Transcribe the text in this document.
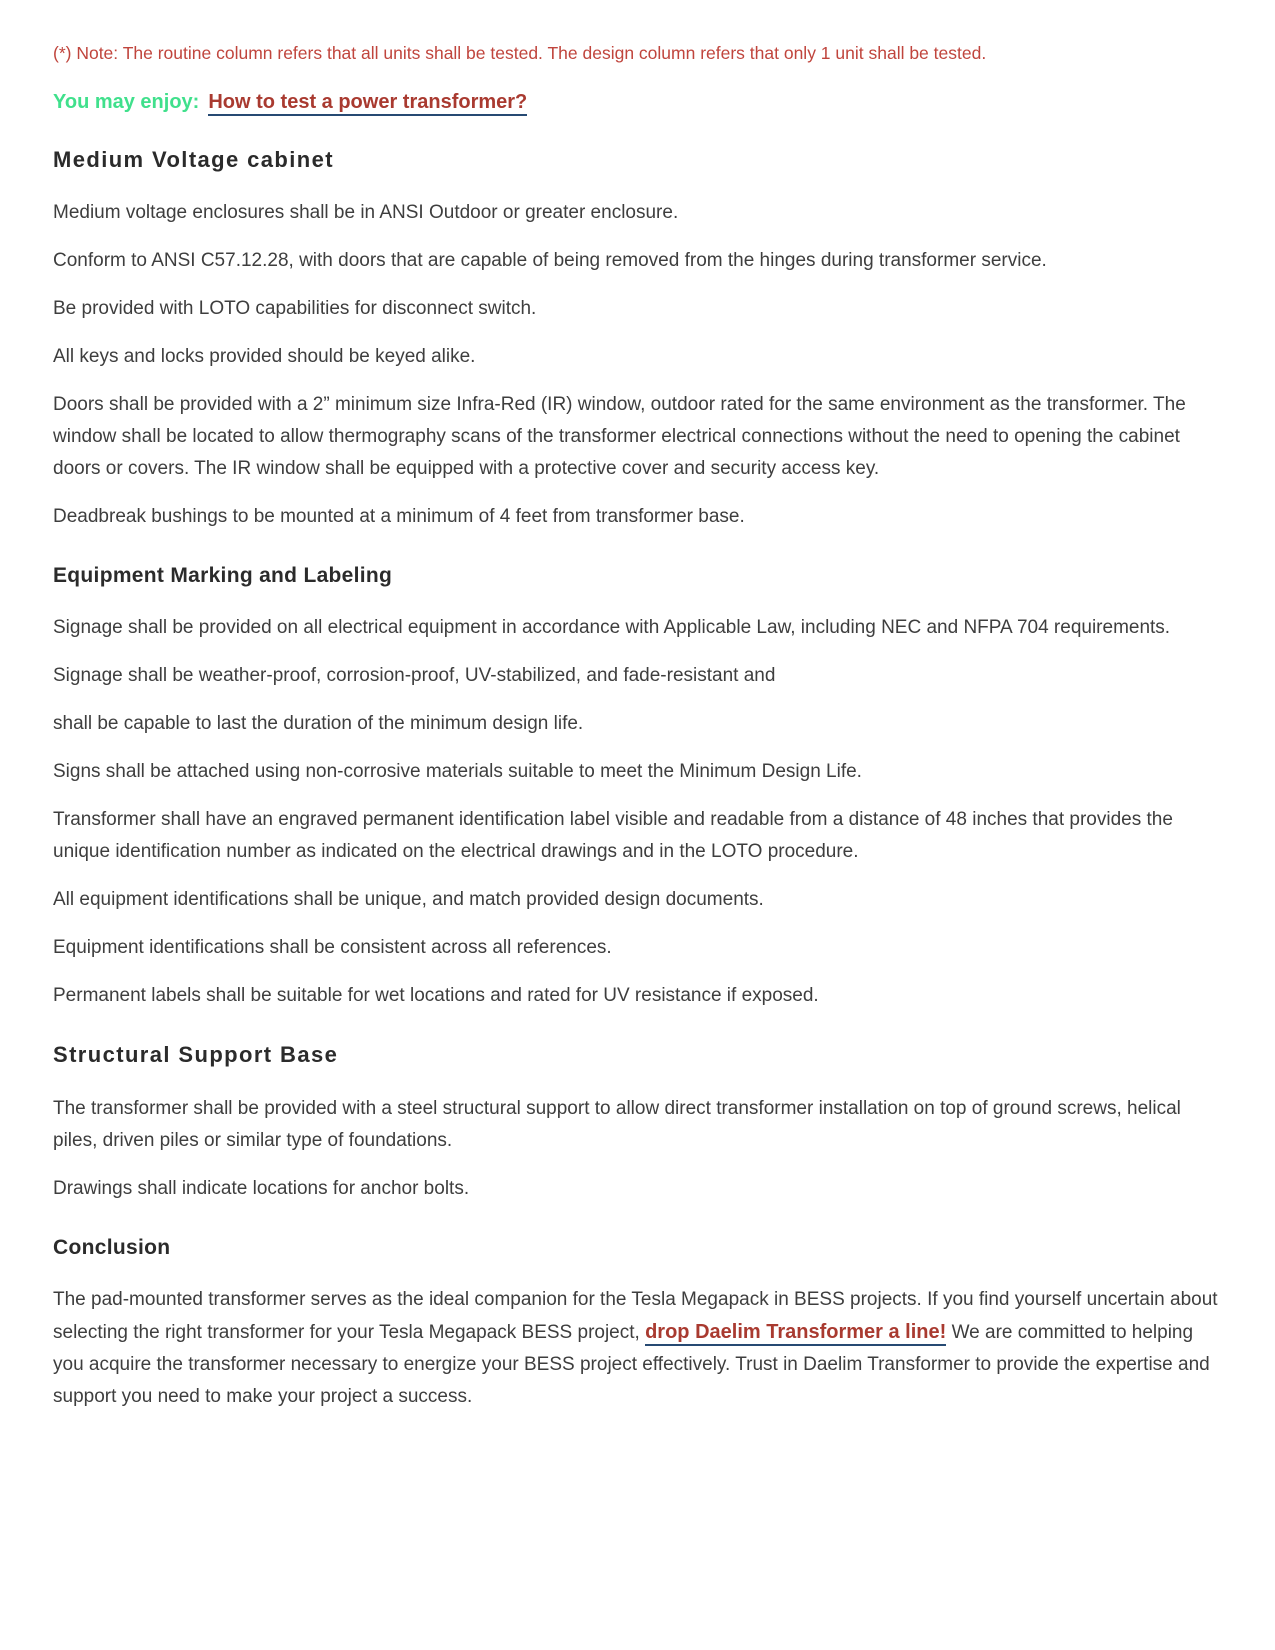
(*) Note: The routine column refers that all units shall be tested. The design column refers that only 1 unit shall be tested.

You may enjoy: How to test a power transformer?

Medium Voltage cabinet

Medium voltage enclosures shall be in ANSI Outdoor or greater enclosure.

Conform to ANSI C57.12.28, with doors that are capable of being removed from the hinges during transformer service.

Be provided with LOTO capabilities for disconnect switch.

All keys and locks provided should be keyed alike.

Doors shall be provided with a 2” minimum size Infra-Red (IR) window, outdoor rated for the same environment as the transformer. The window shall be located to allow thermography scans of the transformer electrical connections without the need to opening the cabinet doors or covers. The IR window shall be equipped with a protective cover and security access key.

Deadbreak bushings to be mounted at a minimum of 4 feet from transformer base.

Equipment Marking and Labeling

Signage shall be provided on all electrical equipment in accordance with Applicable Law, including NEC and NFPA 704 requirements.

Signage shall be weather-proof, corrosion-proof, UV-stabilized, and fade-resistant and

shall be capable to last the duration of the minimum design life.

Signs shall be attached using non-corrosive materials suitable to meet the Minimum Design Life.

Transformer shall have an engraved permanent identification label visible and readable from a distance of 48 inches that provides the unique identification number as indicated on the electrical drawings and in the LOTO procedure.

All equipment identifications shall be unique, and match provided design documents.

Equipment identifications shall be consistent across all references.

Permanent labels shall be suitable for wet locations and rated for UV resistance if exposed.

Structural Support Base

The transformer shall be provided with a steel structural support to allow direct transformer installation on top of ground screws, helical piles, driven piles or similar type of foundations.

Drawings shall indicate locations for anchor bolts.

Conclusion

The pad-mounted transformer serves as the ideal companion for the Tesla Megapack in BESS projects. If you find yourself uncertain about selecting the right transformer for your Tesla Megapack BESS project, drop Daelim Transformer a line! We are committed to helping you acquire the transformer necessary to energize your BESS project effectively. Trust in Daelim Transformer to provide the expertise and support you need to make your project a success.
